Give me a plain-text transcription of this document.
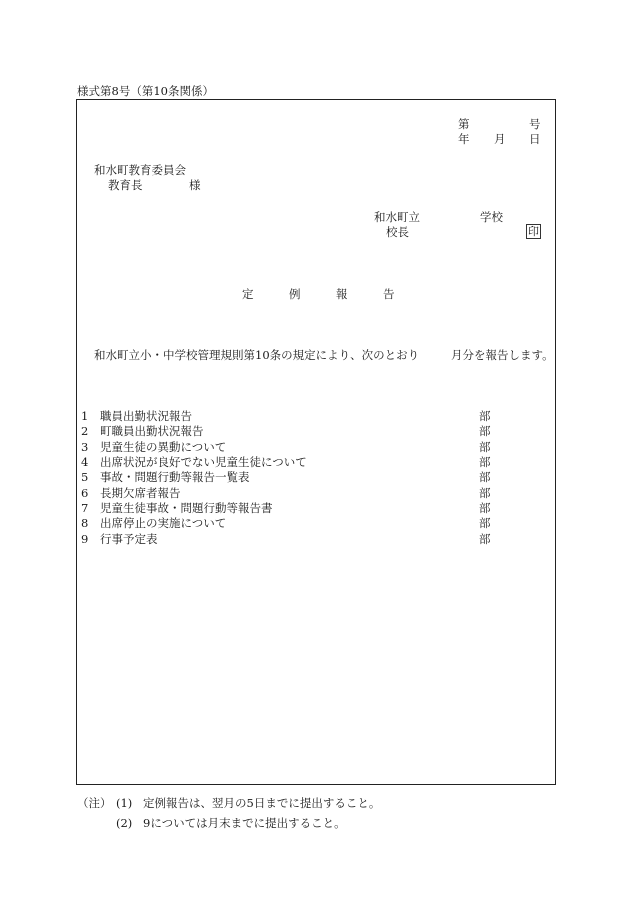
様式第8号（第10条関係）
第	号
年 月 日
和水町教育委員会
教育長	様
和水町立	学校
校長	印
定	例	報	告
和水町立小・中学校管理規則第10条の規定により、次のとおり	月分を報告します。
1 職員出勤状況報告	部
2 町職員出勤状況報告	部
3 児童生徒の異動について	部
4 出席状況が良好でない児童生徒について	部
5 事故・問題行動等報告一覧表	部
6 長期欠席者報告	部
7 児童生徒事故・問題行動等報告書	部
8 出席停止の実施について	部
9 行事予定表	部
（注） (1) 定例報告は、翌月の5日までに提出すること。
(2) 9については月末までに提出すること。
